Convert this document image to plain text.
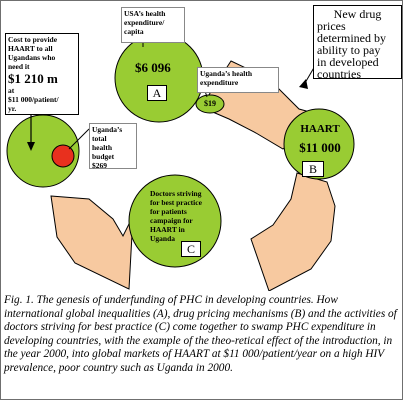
Cost to provide
HAART to all
Ugandans who
need it
$1 210 m
at
$11 000/patient/
yr.
USA’s health
expenditure/
capita
$6 096
A
Uganda’s health
expenditure
$19
New drug
prices
determined by
ability to pay
in developed
countries
HAART
$11 000
B
Uganda’s
total
health
budget
$269
Doctors striving
for best practice
for patients
campaign for
HAART in
Uganda
C
Fig. 1. The genesis of underfunding of PHC in developing countries. How international global inequalities (A), drug pricing mechanisms (B) and the activities of doctors striving for best practice (C) come together to swamp PHC expenditure in developing countries, with the example of the theo-retical effect of the introduction, in the year 2000, into global markets of HAART at $11 000/patient/year on a high HIV prevalence, poor country such as Uganda in 2000.
